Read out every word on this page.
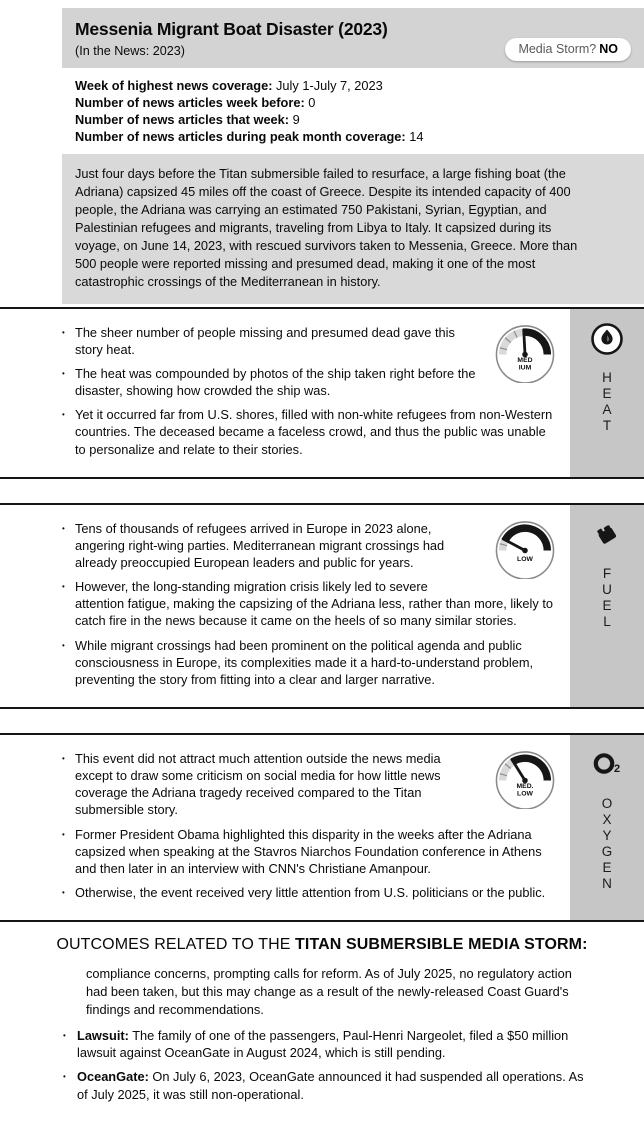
Messenia Migrant Boat Disaster (2023)
(In the News: 2023)	Media Storm? NO
Week of highest news coverage: July 1-July 7, 2023
Number of news articles week before: 0
Number of news articles that week: 9
Number of news articles during peak month coverage: 14
Just four days before the Titan submersible failed to resurface, a large fishing boat (the Adriana) capsized 45 miles off the coast of Greece. Despite its intended capacity of 400 people, the Adriana was carrying an estimated 750 Pakistani, Syrian, Egyptian, and Palestinian refugees and migrants, traveling from Libya to Italy. It capsized during its voyage, on June 14, 2023, with rescued survivors taken to Messenia, Greece. More than 500 people were reported missing and presumed dead, making it one of the most catastrophic crossings of the Mediterranean in history.
MED
IUM
• The sheer number of people missing and presumed dead gave this story heat.
• The heat was compounded by photos of the ship taken right before the disaster, showing how crowded the ship was.
• Yet it occurred far from U.S. shores, filled with non-white refugees from non-Western countries. The deceased became a faceless crowd, and thus the public was unable to personalize and relate to their stories.
H
E
A
T
LOW
• Tens of thousands of refugees arrived in Europe in 2023 alone, angering right-wing parties. Mediterranean migrant crossings had already preoccupied European leaders and public for years.
• However, the long-standing migration crisis likely led to severe attention fatigue, making the capsizing of the Adriana less, rather than more, likely to catch fire in the news because it came on the heels of so many similar stories.
• While migrant crossings had been prominent on the political agenda and public consciousness in Europe, its complexities made it a hard-to-understand problem, preventing the story from fitting into a clear and larger narrative.
F
U
E
L
MED.
LOW
• This event did not attract much attention outside the news media except to draw some criticism on social media for how little news coverage the Adriana tragedy received compared to the Titan submersible story.
• Former President Obama highlighted this disparity in the weeks after the Adriana capsized when speaking at the Stavros Niarchos Foundation conference in Athens and then later in an interview with CNN's Christiane Amanpour.
• Otherwise, the event received very little attention from U.S. politicians or the public.
2
O
X
Y
G
E
N
OUTCOMES RELATED TO THE TITAN SUBMERSIBLE MEDIA STORM:
compliance concerns, prompting calls for reform. As of July 2025, no regulatory action had been taken, but this may change as a result of the newly-released Coast Guard's findings and recommendations.
• Lawsuit: The family of one of the passengers, Paul-Henri Nargeolet, filed a $50 million lawsuit against OceanGate in August 2024, which is still pending.
• OceanGate: On July 6, 2023, OceanGate announced it had suspended all operations. As of July 2025, it was still non-operational.
